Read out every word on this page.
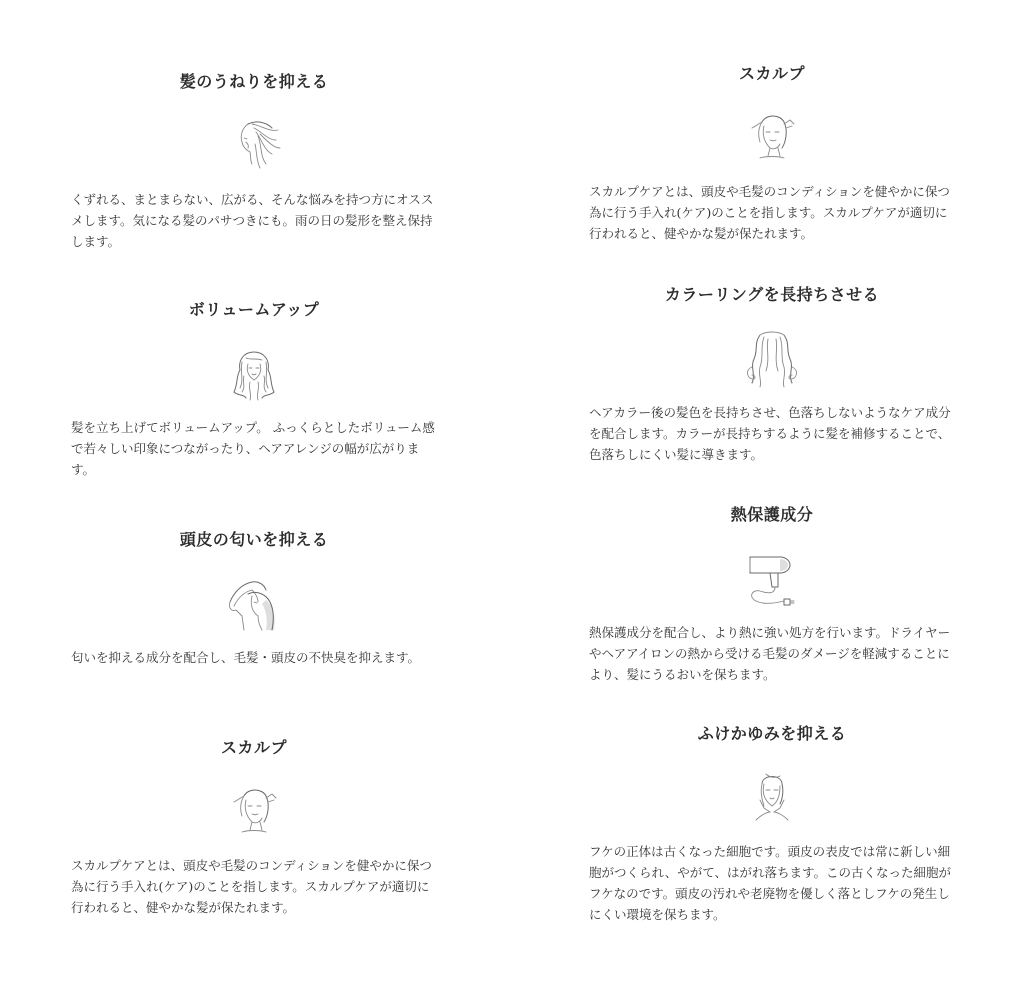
髪のうねりを抑える

くずれる、まとまらない、広がる、そんな悩みを持つ方にオススメします。気になる髪のパサつきにも。雨の日の髪形を整え保持します。

ボリュームアップ

髪を立ち上げてボリュームアップ。 ふっくらとしたボリューム感で若々しい印象につながったり、ヘアアレンジの幅が広がります。

頭皮の匂いを抑える

匂いを抑える成分を配合し、毛髪・頭皮の不快臭を抑えます。

スカルプ

スカルプケアとは、頭皮や毛髪のコンディションを健やかに保つ為に行う手入れ(ケア)のことを指します。スカルプケアが適切に行われると、健やかな髪が保たれます。

スカルプ

スカルプケアとは、頭皮や毛髪のコンディションを健やかに保つ為に行う手入れ(ケア)のことを指します。スカルプケアが適切に行われると、健やかな髪が保たれます。

カラーリングを長持ちさせる

ヘアカラー後の髪色を長持ちさせ、色落ちしないようなケア成分を配合します。カラーが長持ちするように髪を補修することで、色落ちしにくい髪に導きます。

熱保護成分

熱保護成分を配合し、より熱に強い処方を行います。ドライヤーやヘアアイロンの熱から受ける毛髪のダメージを軽減することにより、髪にうるおいを保ちます。

ふけかゆみを抑える

フケの正体は古くなった細胞です。頭皮の表皮では常に新しい細胞がつくられ、やがて、はがれ落ちます。この古くなった細胞がフケなのです。頭皮の汚れや老廃物を優しく落としフケの発生しにくい環境を保ちます。
